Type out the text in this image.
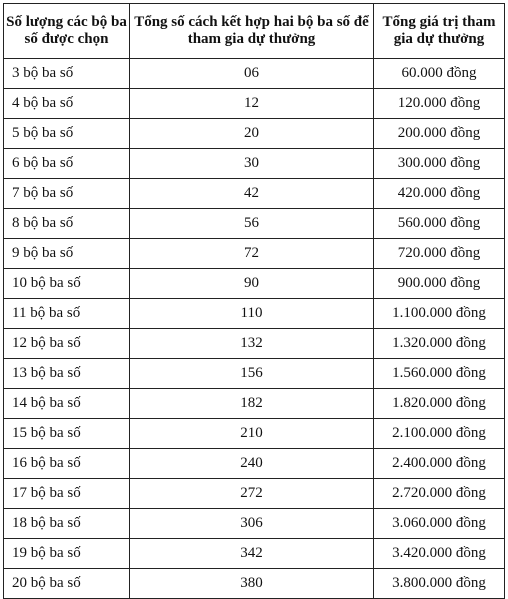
Số lượng các bộ ba số được chọn	Tổng số cách kết hợp hai bộ ba số để tham gia dự thưởng	Tổng giá trị tham gia dự thưởng
3 bộ ba số	06	60.000 đồng
4 bộ ba số	12	120.000 đồng
5 bộ ba số	20	200.000 đồng
6 bộ ba số	30	300.000 đồng
7 bộ ba số	42	420.000 đồng
8 bộ ba số	56	560.000 đồng
9 bộ ba số	72	720.000 đồng
10 bộ ba số	90	900.000 đồng
11 bộ ba số	110	1.100.000 đồng
12 bộ ba số	132	1.320.000 đồng
13 bộ ba số	156	1.560.000 đồng
14 bộ ba số	182	1.820.000 đồng
15 bộ ba số	210	2.100.000 đồng
16 bộ ba số	240	2.400.000 đồng
17 bộ ba số	272	2.720.000 đồng
18 bộ ba số	306	3.060.000 đồng
19 bộ ba số	342	3.420.000 đồng
20 bộ ba số	380	3.800.000 đồng
